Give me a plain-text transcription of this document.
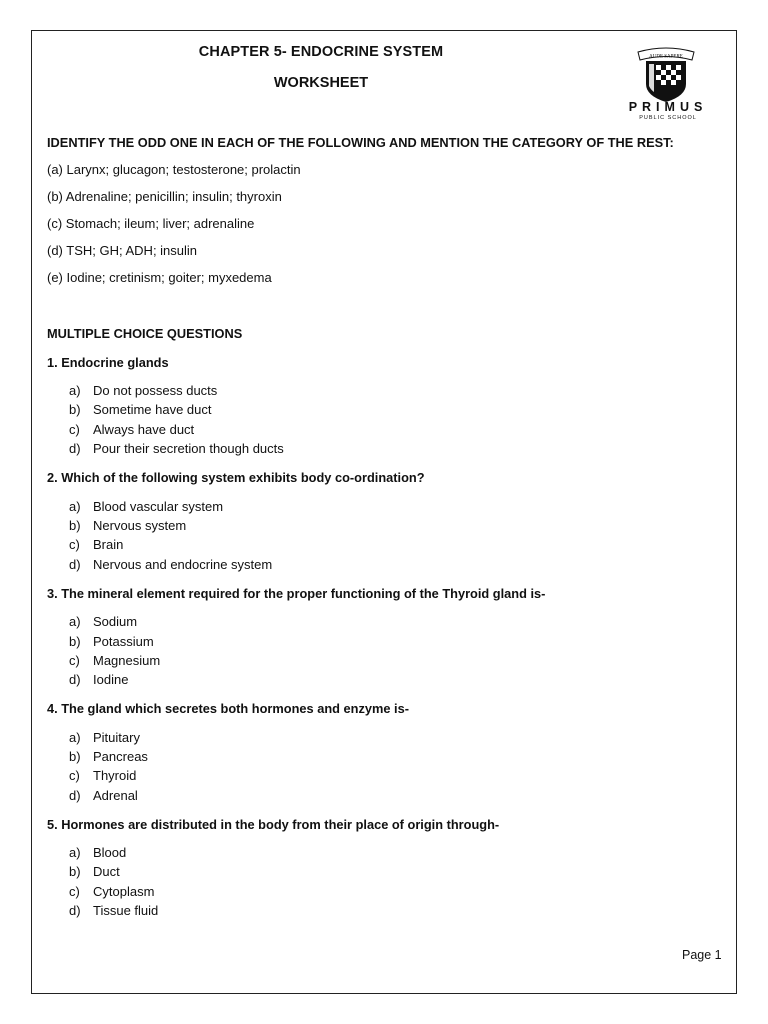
CHAPTER 5- ENDOCRINE SYSTEM
WORKSHEET
AUDE SAPERE
PRIMUS
PUBLIC SCHOOL
IDENTIFY THE ODD ONE IN EACH OF THE FOLLOWING AND MENTION THE CATEGORY OF THE REST:
(a) Larynx; glucagon; testosterone; prolactin
(b) Adrenaline; penicillin; insulin; thyroxin
(c) Stomach; ileum; liver; adrenaline
(d) TSH; GH; ADH; insulin
(e) Iodine; cretinism; goiter; myxedema
MULTIPLE CHOICE QUESTIONS
1. Endocrine glands
a) Do not possess ducts
b) Sometime have duct
c) Always have duct
d) Pour their secretion though ducts
2. Which of the following system exhibits body co-ordination?
a) Blood vascular system
b) Nervous system
c) Brain
d) Nervous and endocrine system
3. The mineral element required for the proper functioning of the Thyroid gland is-
a) Sodium
b) Potassium
c) Magnesium
d) Iodine
4. The gland which secretes both hormones and enzyme is-
a) Pituitary
b) Pancreas
c) Thyroid
d) Adrenal
5. Hormones are distributed in the body from their place of origin through-
a) Blood
b) Duct
c) Cytoplasm
d) Tissue fluid
Page 1
